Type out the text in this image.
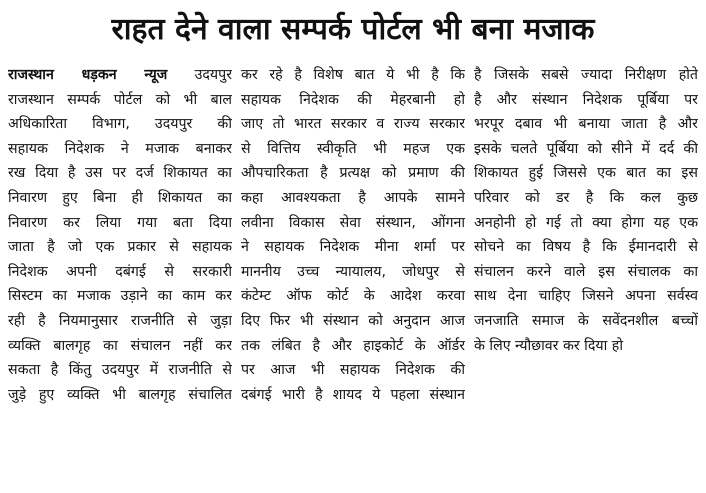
राहत देने वाला सम्पर्क पोर्टल भी बना मजाक
राजस्थान धड़कन न्यूज उदयपुर
राजस्थान सम्पर्क पोर्टल को भी बाल
अधिकारिता विभाग, उदयपुर की
सहायक निदेशक ने मजाक बनाकर
रख दिया है उस पर दर्ज शिकायत का
निवारण हुए बिना ही शिकायत का
निवारण कर लिया गया बता दिया
जाता है जो एक प्रकार से सहायक
निदेशक अपनी दबंगई से सरकारी
सिस्टम का मजाक उड़ाने का काम कर
रही है नियमानुसार राजनीति से जुड़ा
व्यक्ति बालगृह का संचालन नहीं कर
सकता है किंतु उदयपुर में राजनीति से
जुड़े हुए व्यक्ति भी बालगृह संचालित
कर रहे है विशेष बात ये भी है कि
सहायक निदेशक की मेहरबानी हो
जाए तो भारत सरकार व राज्य सरकार
से वित्तिय स्वीकृति भी महज एक
औपचारिकता है प्रत्यक्ष को प्रमाण की
कहा आवश्यकता है आपके सामने
लवीना विकास सेवा संस्थान, ओंगना
ने सहायक निदेशक मीना शर्मा पर
माननीय उच्च न्यायालय, जोधपुर से
कंटेम्ट ऑफ कोर्ट के आदेश करवा
दिए फिर भी संस्थान को अनुदान आज
तक लंबित है और हाइकोर्ट के ऑर्डर
पर आज भी सहायक निदेशक की
दबंगई भारी है शायद ये पहला संस्थान
है जिसके सबसे ज्यादा निरीक्षण होते
है और संस्थान निदेशक पूर्बिया पर
भरपूर दबाव भी बनाया जाता है और
इसके चलते पूर्बिया को सीने में दर्द की
शिकायत हुई जिससे एक बात का इस
परिवार को डर है कि कल कुछ
अनहोनी हो गई तो क्या होगा यह एक
सोचने का विषय है कि ईमानदारी से
संचालन करने वाले इस संचालक का
साथ देना चाहिए जिसने अपना सर्वस्व
जनजाति समाज के सवेंदनशील बच्चों
के लिए न्यौछावर कर दिया हो
